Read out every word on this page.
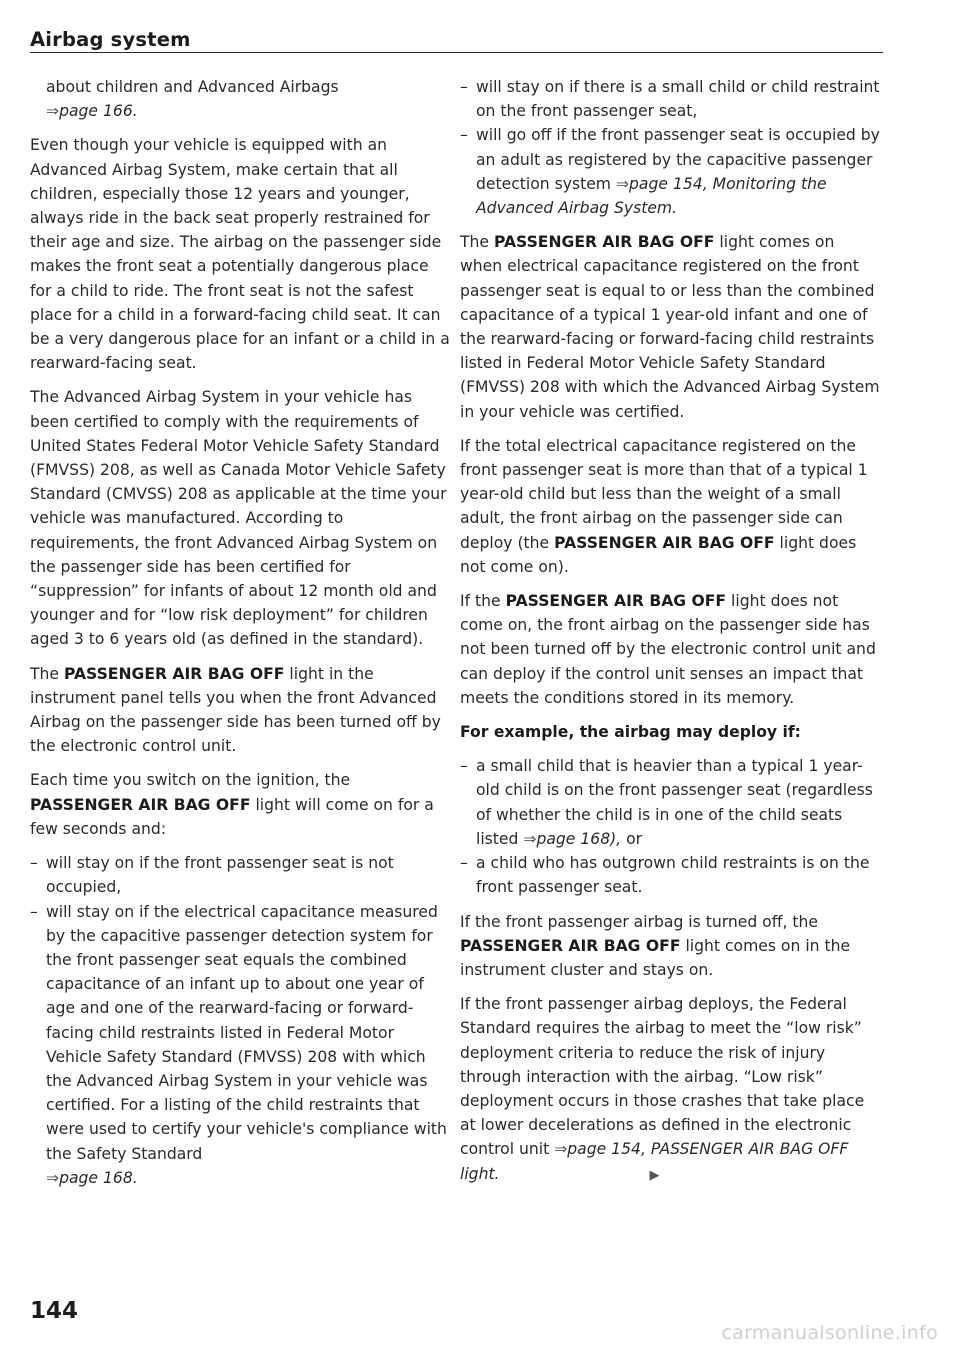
Airbag system

about children and Advanced Airbags
⇒page 166.

Even though your vehicle is equipped with an Advanced Airbag System, make certain that all children, especially those 12 years and younger, always ride in the back seat properly restrained for their age and size. The airbag on the passenger side makes the front seat a potentially dangerous place for a child to ride. The front seat is not the safest place for a child in a forward-facing child seat. It can be a very dangerous place for an infant or a child in a rearward-facing seat.

The Advanced Airbag System in your vehicle has been certified to comply with the requirements of United States Federal Motor Vehicle Safety Standard (FMVSS) 208, as well as Canada Motor Vehicle Safety Standard (CMVSS) 208 as applicable at the time your vehicle was manufactured. According to requirements, the front Advanced Airbag System on the passenger side has been certified for “suppression” for infants of about 12 month old and younger and for “low risk deployment” for children aged 3 to 6 years old (as defined in the standard).

The PASSENGER AIR BAG OFF light in the instrument panel tells you when the front Advanced Airbag on the passenger side has been turned off by the electronic control unit.

Each time you switch on the ignition, the PASSENGER AIR BAG OFF light will come on for a few seconds and:

– will stay on if the front passenger seat is not occupied,
– will stay on if the electrical capacitance measured by the capacitive passenger detection system for the front passenger seat equals the combined capacitance of an infant up to about one year of age and one of the rearward-facing or forward-facing child restraints listed in Federal Motor Vehicle Safety Standard (FMVSS) 208 with which the Advanced Airbag System in your vehicle was certified. For a listing of the child restraints that were used to certify your vehicle's compliance with the Safety Standard
⇒page 168.
– will stay on if there is a small child or child restraint on the front passenger seat,
– will go off if the front passenger seat is occupied by an adult as registered by the capacitive passenger detection system ⇒page 154, Monitoring the Advanced Airbag System.

The PASSENGER AIR BAG OFF light comes on when electrical capacitance registered on the front passenger seat is equal to or less than the combined capacitance of a typical 1 year-old infant and one of the rearward-facing or forward-facing child restraints listed in Federal Motor Vehicle Safety Standard (FMVSS) 208 with which the Advanced Airbag System in your vehicle was certified.

If the total electrical capacitance registered on the front passenger seat is more than that of a typical 1 year-old child but less than the weight of a small adult, the front airbag on the passenger side can deploy (the PASSENGER AIR BAG OFF light does not come on).

If the PASSENGER AIR BAG OFF light does not come on, the front airbag on the passenger side has not been turned off by the electronic control unit and can deploy if the control unit senses an impact that meets the conditions stored in its memory.

For example, the airbag may deploy if:
– a small child that is heavier than a typical 1 year-old child is on the front passenger seat (regardless of whether the child is in one of the child seats listed ⇒page 168), or
– a child who has outgrown child restraints is on the front passenger seat.

If the front passenger airbag is turned off, the PASSENGER AIR BAG OFF light comes on in the instrument cluster and stays on.

If the front passenger airbag deploys, the Federal Standard requires the airbag to meet the “low risk” deployment criteria to reduce the risk of injury through interaction with the airbag. “Low risk” deployment occurs in those crashes that take place at lower decelerations as defined in the electronic control unit ⇒page 154, PASSENGER AIR BAG OFF light.	▶

144
carmanualsonline.info
